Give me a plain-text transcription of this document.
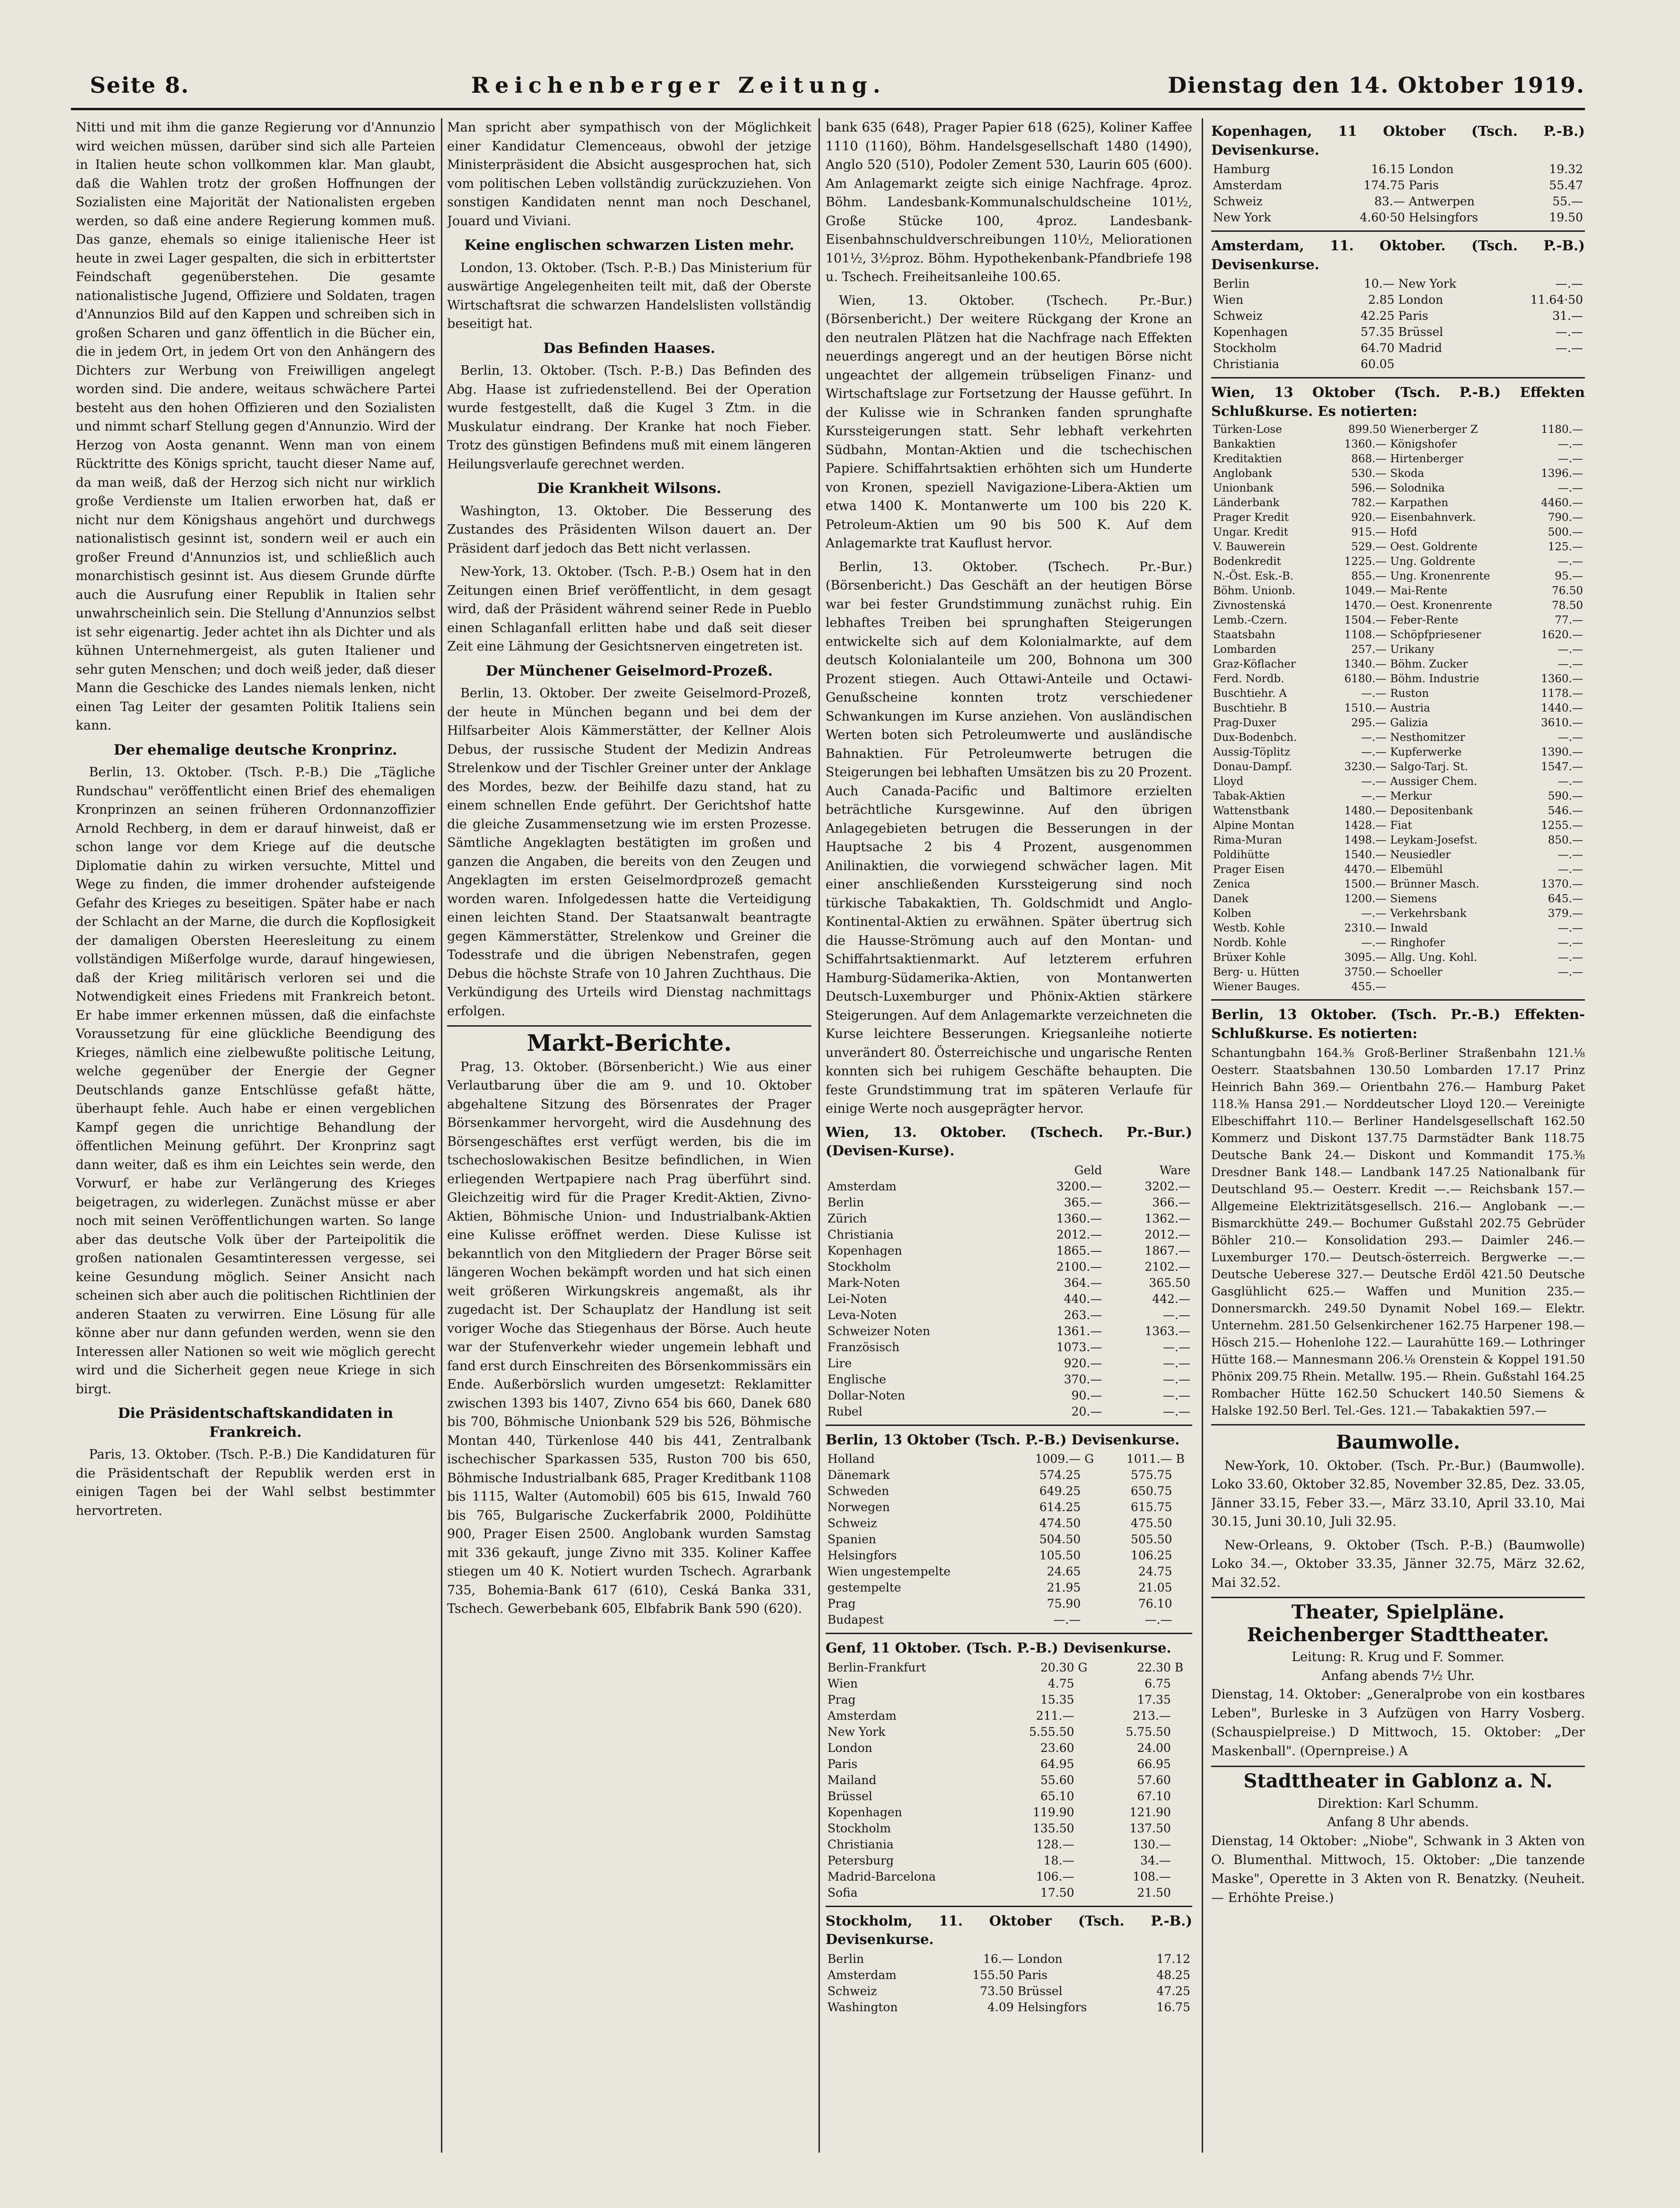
Seite 8.	Reichenberger Zeitung.	Dienstag den 14. Oktober 1919.

Nitti und mit ihm die ganze Regierung vor d'Annunzio wird weichen müssen, darüber sind sich alle Parteien in Italien heute schon vollkommen klar. Man glaubt, daß die Wahlen trotz der großen Hoffnungen der Sozialisten eine Majorität der Nationalisten ergeben werden, so daß eine andere Regierung kommen muß. Das ganze, ehemals so einige italienische Heer ist heute in zwei Lager gespalten, die sich in erbittertster Feindschaft gegenüberstehen. Die gesamte nationalistische Jugend, Offiziere und Soldaten, tragen d'Annunzios Bild auf den Kappen und schreiben sich in großen Scharen und ganz öffentlich in die Bücher ein, die in jedem Ort, in jedem Ort von den Anhängern des Dichters zur Werbung von Freiwilligen angelegt worden sind. Die andere, weitaus schwächere Partei besteht aus den hohen Offizieren und den Sozialisten und nimmt scharf Stellung gegen d'Annunzio. Wird der Herzog von Aosta genannt. Wenn man von einem Rücktritte des Königs spricht, taucht dieser Name auf, da man weiß, daß der Herzog sich nicht nur wirklich große Verdienste um Italien erworben hat, daß er nicht nur dem Königshaus angehört und durchwegs nationalistisch gesinnt ist, sondern weil er auch ein großer Freund d'Annunzios ist, und schließlich auch monarchistisch gesinnt ist. Aus diesem Grunde dürfte auch die Ausrufung einer Republik in Italien sehr unwahrscheinlich sein. Die Stellung d'Annunzios selbst ist sehr eigenartig. Jeder achtet ihn als Dichter und als kühnen Unternehmergeist, als guten Italiener und sehr guten Menschen; und doch weiß jeder, daß dieser Mann die Geschicke des Landes niemals lenken, nicht einen Tag Leiter der gesamten Politik Italiens sein kann.

Der ehemalige deutsche Kronprinz.

Berlin, 13. Oktober. (Tsch. P.-B.) Die „Tägliche Rundschau" veröffentlicht einen Brief des ehemaligen Kronprinzen an seinen früheren Ordonnanzoffizier Arnold Rechberg, in dem er darauf hinweist, daß er schon lange vor dem Kriege auf die deutsche Diplomatie dahin zu wirken versuchte, Mittel und Wege zu finden, die immer drohender aufsteigende Gefahr des Krieges zu beseitigen. Später habe er nach der Schlacht an der Marne, die durch die Kopflosigkeit der damaligen Obersten Heeresleitung zu einem vollständigen Mißerfolge wurde, darauf hingewiesen, daß der Krieg militärisch verloren sei und die Notwendigkeit eines Friedens mit Frankreich betont. Er habe immer erkennen müssen, daß die einfachste Voraussetzung für eine glückliche Beendigung des Krieges, nämlich eine zielbewußte politische Leitung, welche gegenüber der Energie der Gegner Deutschlands ganze Entschlüsse gefaßt hätte, überhaupt fehle. Auch habe er einen vergeblichen Kampf gegen die unrichtige Behandlung der öffentlichen Meinung geführt. Der Kronprinz sagt dann weiter, daß es ihm ein Leichtes sein werde, den Vorwurf, er habe zur Verlängerung des Krieges beigetragen, zu widerlegen. Zunächst müsse er aber noch mit seinen Veröffentlichungen warten. So lange aber das deutsche Volk über der Parteipolitik die großen nationalen Gesamtinteressen vergesse, sei keine Gesundung möglich. Seiner Ansicht nach scheinen sich aber auch die politischen Richtlinien der anderen Staaten zu verwirren. Eine Lösung für alle könne aber nur dann gefunden werden, wenn sie den Interessen aller Nationen so weit wie möglich gerecht wird und die Sicherheit gegen neue Kriege in sich birgt.

Die Präsidentschaftskandidaten in Frankreich.

Paris, 13. Oktober. (Tsch. P.-B.) Die Kandidaturen für die Präsidentschaft der Republik werden erst in einigen Tagen bei der Wahl selbst bestimmter hervortreten.

Man spricht aber sympathisch von der Möglichkeit einer Kandidatur Clemenceaus, obwohl der jetzige Ministerpräsident die Absicht ausgesprochen hat, sich vom politischen Leben vollständig zurückzuziehen. Von sonstigen Kandidaten nennt man noch Deschanel, Jouard und Viviani.

Keine englischen schwarzen Listen mehr.

London, 13. Oktober. (Tsch. P.-B.) Das Ministerium für auswärtige Angelegenheiten teilt mit, daß der Oberste Wirtschaftsrat die schwarzen Handelslisten vollständig beseitigt hat.

Das Befinden Haases.

Berlin, 13. Oktober. (Tsch. P.-B.) Das Befinden des Abg. Haase ist zufriedenstellend. Bei der Operation wurde festgestellt, daß die Kugel 3 Ztm. in die Muskulatur eindrang. Der Kranke hat noch Fieber. Trotz des günstigen Befindens muß mit einem längeren Heilungsverlaufe gerechnet werden.

Die Krankheit Wilsons.

Washington, 13. Oktober. Die Besserung des Zustandes des Präsidenten Wilson dauert an. Der Präsident darf jedoch das Bett nicht verlassen.

New-York, 13. Oktober. (Tsch. P.-B.) Osem hat in den Zeitungen einen Brief veröffentlicht, in dem gesagt wird, daß der Präsident während seiner Rede in Pueblo einen Schlaganfall erlitten habe und daß seit dieser Zeit eine Lähmung der Gesichtsnerven eingetreten ist.

Der Münchener Geiselmord-Prozeß.

Berlin, 13. Oktober. Der zweite Geiselmord-Prozeß, der heute in München begann und bei dem der Hilfsarbeiter Alois Kämmerstätter, der Kellner Alois Debus, der russische Student der Medizin Andreas Strelenkow und der Tischler Greiner unter der Anklage des Mordes, bezw. der Beihilfe dazu stand, hat zu einem schnellen Ende geführt. Der Gerichtshof hatte die gleiche Zusammensetzung wie im ersten Prozesse. Sämtliche Angeklagten bestätigten im großen und ganzen die Angaben, die bereits von den Zeugen und Angeklagten im ersten Geiselmordprozeß gemacht worden waren. Infolgedessen hatte die Verteidigung einen leichten Stand. Der Staatsanwalt beantragte gegen Kämmerstätter, Strelenkow und Greiner die Todesstrafe und die übrigen Nebenstrafen, gegen Debus die höchste Strafe von 10 Jahren Zuchthaus. Die Verkündigung des Urteils wird Dienstag nachmittags erfolgen.

Markt-Berichte.

Prag, 13. Oktober. (Börsenbericht.) Wie aus einer Verlautbarung über die am 9. und 10. Oktober abgehaltene Sitzung des Börsenrates der Prager Börsenkammer hervorgeht, wird die Ausdehnung des Börsengeschäftes erst verfügt werden, bis die im tschechoslowakischen Besitze befindlichen, in Wien erliegenden Wertpapiere nach Prag überführt sind. Gleichzeitig wird für die Prager Kredit-Aktien, Zivno-Aktien, Böhmische Union- und Industrialbank-Aktien eine Kulisse eröffnet werden. Diese Kulisse ist bekanntlich von den Mitgliedern der Prager Börse seit längeren Wochen bekämpft worden und hat sich einen weit größeren Wirkungskreis angemaßt, als ihr zugedacht ist. Der Schauplatz der Handlung ist seit voriger Woche das Stiegenhaus der Börse. Auch heute war der Stufenverkehr wieder ungemein lebhaft und fand erst durch Einschreiten des Börsenkommissärs ein Ende. Außerbörslich wurden umgesetzt: Reklamitter zwischen 1393 bis 1407, Zivno 654 bis 660, Danek 680 bis 700, Böhmische Unionbank 529 bis 526, Böhmische Montan 440, Türkenlose 440 bis 441, Zentralbank ischechischer Sparkassen 535, Ruston 700 bis 650, Böhmische Industrialbank 685, Prager Kreditbank 1108 bis 1115, Walter (Automobil) 605 bis 615, Inwald 760 bis 765, Bulgarische Zuckerfabrik 2000, Poldihütte 900, Prager Eisen 2500. Anglobank wurden Samstag mit 336 gekauft, junge Zivno mit 335. Koliner Kaffee stiegen um 40 K. Notiert wurden Tschech. Agrarbank 735, Bohemia-Bank 617 (610), Ceská Banka 331, Tschech. Gewerbebank 605, Elbfabrik Bank 590 (620).

bank 635 (648), Prager Papier 618 (625), Koliner Kaffee 1110 (1160), Böhm. Handelsgesellschaft 1480 (1490), Anglo 520 (510), Podoler Zement 530, Laurin 605 (600). Am Anlagemarkt zeigte sich einige Nachfrage. 4proz. Böhm. Landesbank-Kommunalschuldscheine 101½, Große Stücke 100, 4proz. Landesbank-Eisenbahnschuldverschreibungen 110½, Meliorationen 101½, 3½proz. Böhm. Hypothekenbank-Pfandbriefe 198 u. Tschech. Freiheitsanleihe 100.65.

Wien, 13. Oktober. (Tschech. Pr.-Bur.) (Börsenbericht.) Der weitere Rückgang der Krone an den neutralen Plätzen hat die Nachfrage nach Effekten neuerdings angeregt und an der heutigen Börse nicht ungeachtet der allgemein trübseligen Finanz- und Wirtschaftslage zur Fortsetzung der Hausse geführt. In der Kulisse wie in Schranken fanden sprunghafte Kurssteigerungen statt. Sehr lebhaft verkehrten Südbahn, Montan-Aktien und die tschechischen Papiere. Schiffahrtsaktien erhöhten sich um Hunderte von Kronen, speziell Navigazione-Libera-Aktien um etwa 1400 K. Montanwerte um 100 bis 220 K. Petroleum-Aktien um 90 bis 500 K. Auf dem Anlagemarkte trat Kauflust hervor.

Berlin, 13. Oktober. (Tschech. Pr.-Bur.) (Börsenbericht.) Das Geschäft an der heutigen Börse war bei fester Grundstimmung zunächst ruhig. Ein lebhaftes Treiben bei sprunghaften Steigerungen entwickelte sich auf dem Kolonialmarkte, auf dem deutsch Kolonialanteile um 200, Bohnona um 300 Prozent stiegen. Auch Ottawi-Anteile und Octawi-Genußscheine konnten trotz verschiedener Schwankungen im Kurse anziehen. Von ausländischen Werten boten sich Petroleumwerte und ausländische Bahnaktien. Für Petroleumwerte betrugen die Steigerungen bei lebhaften Umsätzen bis zu 20 Prozent. Auch Canada-Pacific und Baltimore erzielten beträchtliche Kursgewinne. Auf den übrigen Anlagegebieten betrugen die Besserungen in der Hauptsache 2 bis 4 Prozent, ausgenommen Anilinaktien, die vorwiegend schwächer lagen. Mit einer anschließenden Kurssteigerung sind noch türkische Tabakaktien, Th. Goldschmidt und Anglo-Kontinental-Aktien zu erwähnen. Später übertrug sich die Hausse-Strömung auch auf den Montan- und Schiffahrtsaktienmarkt. Auf letzterem erfuhren Hamburg-Südamerika-Aktien, von Montanwerten Deutsch-Luxemburger und Phönix-Aktien stärkere Steigerungen. Auf dem Anlagemarkte verzeichneten die Kurse leichtere Besserungen. Kriegsanleihe notierte unverändert 80. Österreichische und ungarische Renten konnten sich bei ruhigem Geschäfte behaupten. Die feste Grundstimmung trat im späteren Verlaufe für einige Werte noch ausgeprägter hervor.

Wien, 13. Oktober. (Tschech. Pr.-Bur.) (Devisen-Kurse).
	Geld	Ware
Amsterdam	3200.—	3202.—
Berlin	365.—	366.—
Zürich	1360.—	1362.—
Christiania	2012.—	2012.—
Kopenhagen	1865.—	1867.—
Stockholm	2100.—	2102.—
Mark-Noten	364.—	365.50
Lei-Noten	440.—	442.—
Leva-Noten	263.—	—.—
Schweizer Noten	1361.—	1363.—
Französisch	1073.—	—.—
Lire	920.—	—.—
Englische	370.—	—.—
Dollar-Noten	90.—	—.—
Rubel	20.—	—.—
Berlin, 13 Oktober (Tsch. P.-B.) Devisenkurse.
Holland	1009.—	G	1011.—	B
Dänemark	574.25		575.75	
Schweden	649.25		650.75	
Norwegen	614.25		615.75	
Schweiz	474.50		475.50	
Spanien	504.50		505.50	
Helsingfors	105.50		106.25	
Wien ungestempelte	24.65		24.75	
gestempelte	21.95		21.05	
Prag	75.90		76.10	
Budapest	—.—		—.—	
Genf, 11 Oktober. (Tsch. P.-B.) Devisenkurse.
Berlin-Frankfurt	20.30	G	22.30	B
Wien	4.75		6.75	
Prag	15.35		17.35	
Amsterdam	211.—		213.—	
New York	5.55.50		5.75.50	
London	23.60		24.00	
Paris	64.95		66.95	
Mailand	55.60		57.60	
Brüssel	65.10		67.10	
Kopenhagen	119.90		121.90	
Stockholm	135.50		137.50	
Christiania	128.—		130.—	
Petersburg	18.—		34.—	
Madrid-Barcelona	106.—		108.—	
Sofia	17.50		21.50	
Stockholm, 11. Oktober (Tsch. P.-B.) Devisenkurse.
Berlin	16.—	London	17.12
Amsterdam	155.50	Paris	48.25
Schweiz	73.50	Brüssel	47.25
Washington	4.09	Helsingfors	16.75
Kopenhagen, 11 Oktober (Tsch. P.-B.) Devisenkurse.
Hamburg	16.15	London	19.32
Amsterdam	174.75	Paris	55.47
Schweiz	83.—	Antwerpen	55.—
New York	4.60·50	Helsingfors	19.50
Amsterdam, 11. Oktober. (Tsch. P.-B.) Devisenkurse.
Berlin	10.—	New York	—.—
Wien	2.85	London	11.64·50
Schweiz	42.25	Paris	31.—
Kopenhagen	57.35	Brüssel	—.—
Stockholm	64.70	Madrid	—.—
Christiania	60.05		
Wien, 13 Oktober (Tsch. P.-B.) Effekten Schlußkurse. Es notierten:
Türken-Lose	899.50	Wienerberger Z	1180.—
Bankaktien	1360.—	Königshofer	—.—
Kreditaktien	868.—	Hirtenberger	—.—
Anglobank	530.—	Skoda	1396.—
Unionbank	596.—	Solodnika	—.—
Länderbank	782.—	Karpathen	4460.—
Prager Kredit	920.—	Eisenbahnverk.	790.—
Ungar. Kredit	915.—	Hofd	500.—
V. Bauwerein	529.—	Oest. Goldrente	125.—
Bodenkredit	1225.—	Ung. Goldrente	—.—
N.-Öst. Esk.-B.	855.—	Ung. Kronenrente	95.—
Böhm. Unionb.	1049.—	Mai-Rente	76.50
Zivnostenská	1470.—	Oest. Kronenrente	78.50
Lemb.-Czern.	1504.—	Feber-Rente	77.—
Staatsbahn	1108.—	Schöpfpriesener	1620.—
Lombarden	257.—	Urikany	—.—
Graz-Köflacher	1340.—	Böhm. Zucker	—.—
Ferd. Nordb.	6180.—	Böhm. Industrie	1360.—
Buschtiehr. A	—.—	Ruston	1178.—
Buschtiehr. B	1510.—	Austria	1440.—
Prag-Duxer	295.—	Galizia	3610.—
Dux-Bodenbch.	—.—	Nesthomitzer	—.—
Aussig-Töplitz	—.—	Kupferwerke	1390.—
Donau-Dampf.	3230.—	Salgo-Tarj. St.	1547.—
Lloyd	—.—	Aussiger Chem.	—.—
Tabak-Aktien	—.—	Merkur	590.—
Wattenstbank	1480.—	Depositenbank	546.—
Alpine Montan	1428.—	Fiat	1255.—
Rima-Muran	1498.—	Leykam-Josefst.	850.—
Poldihütte	1540.—	Neusiedler	—.—
Prager Eisen	4470.—	Elbemühl	—.—
Zenica	1500.—	Brünner Masch.	1370.—
Danek	1200.—	Siemens	645.—
Kolben	—.—	Verkehrsbank	379.—
Westb. Kohle	2310.—	Inwald	—.—
Nordb. Kohle	—.—	Ringhofer	—.—
Brüxer Kohle	3095.—	Allg. Ung. Kohl.	—.—
Berg- u. Hütten	3750.—	Schoeller	—.—
Wiener Bauges.	455.—		
Berlin, 13 Oktober. (Tsch. Pr.-B.) Effekten-Schlußkurse. Es notierten:
Schantungbahn 164.⅜ Groß-Berliner Straßenbahn 121.⅛ Oesterr. Staatsbahnen 130.50 Lombarden 17.17 Prinz Heinrich Bahn 369.— Orientbahn 276.— Hamburg Paket 118.⅜ Hansa 291.— Norddeutscher Lloyd 120.— Vereinigte Elbeschiffahrt 110.— Berliner Handelsgesellschaft 162.50 Kommerz und Diskont 137.75 Darmstädter Bank 118.75 Deutsche Bank 24.— Diskont und Kommandit 175.⅜ Dresdner Bank 148.— Landbank 147.25 Nationalbank für Deutschland 95.— Oesterr. Kredit —.— Reichsbank 157.— Allgemeine Elektrizitätsgesellsch. 216.— Anglobank —.— Bismarckhütte 249.— Bochumer Gußstahl 202.75 Gebrüder Böhler 210.— Konsolidation 293.— Daimler 246.— Luxemburger 170.— Deutsch-österreich. Bergwerke —.— Deutsche Ueberese 327.— Deutsche Erdöl 421.50 Deutsche Gasglühlicht 625.— Waffen und Munition 235.— Donnersmarckh. 249.50 Dynamit Nobel 169.— Elektr. Unternehm. 281.50 Gelsenkirchener 162.75 Harpener 198.— Hösch 215.— Hohenlohe 122.— Laurahütte 169.— Lothringer Hütte 168.— Mannesmann 206.⅛ Orenstein & Koppel 191.50 Phönix 209.75 Rhein. Metallw. 195.— Rhein. Gußstahl 164.25 Rombacher Hütte 162.50 Schuckert 140.50 Siemens & Halske 192.50 Berl. Tel.-Ges. 121.— Tabakaktien 597.—
Baumwolle.

New-York, 10. Oktober. (Tsch. Pr.-Bur.) (Baumwolle). Loko 33.60, Oktober 32.85, November 32.85, Dez. 33.05, Jänner 33.15, Feber 33.—, März 33.10, April 33.10, Mai 30.15, Juni 30.10, Juli 32.95.

New-Orleans, 9. Oktober (Tsch. P.-B.) (Baumwolle) Loko 34.—, Oktober 33.35, Jänner 32.75, März 32.62, Mai 32.52.

Theater, Spielpläne.
Reichenberger Stadttheater.
Leitung: R. Krug und F. Sommer.
Anfang abends 7½ Uhr.

Dienstag, 14. Oktober: „Generalprobe von ein kostbares Leben", Burleske in 3 Aufzügen von Harry Vosberg. (Schauspielpreise.) D Mittwoch, 15. Oktober: „Der Maskenball". (Opernpreise.) A

Stadttheater in Gablonz a. N.
Direktion: Karl Schumm.
Anfang 8 Uhr abends.

Dienstag, 14 Oktober: „Niobe", Schwank in 3 Akten von O. Blumenthal. Mittwoch, 15. Oktober: „Die tanzende Maske", Operette in 3 Akten von R. Benatzky. (Neuheit. — Erhöhte Preise.)
